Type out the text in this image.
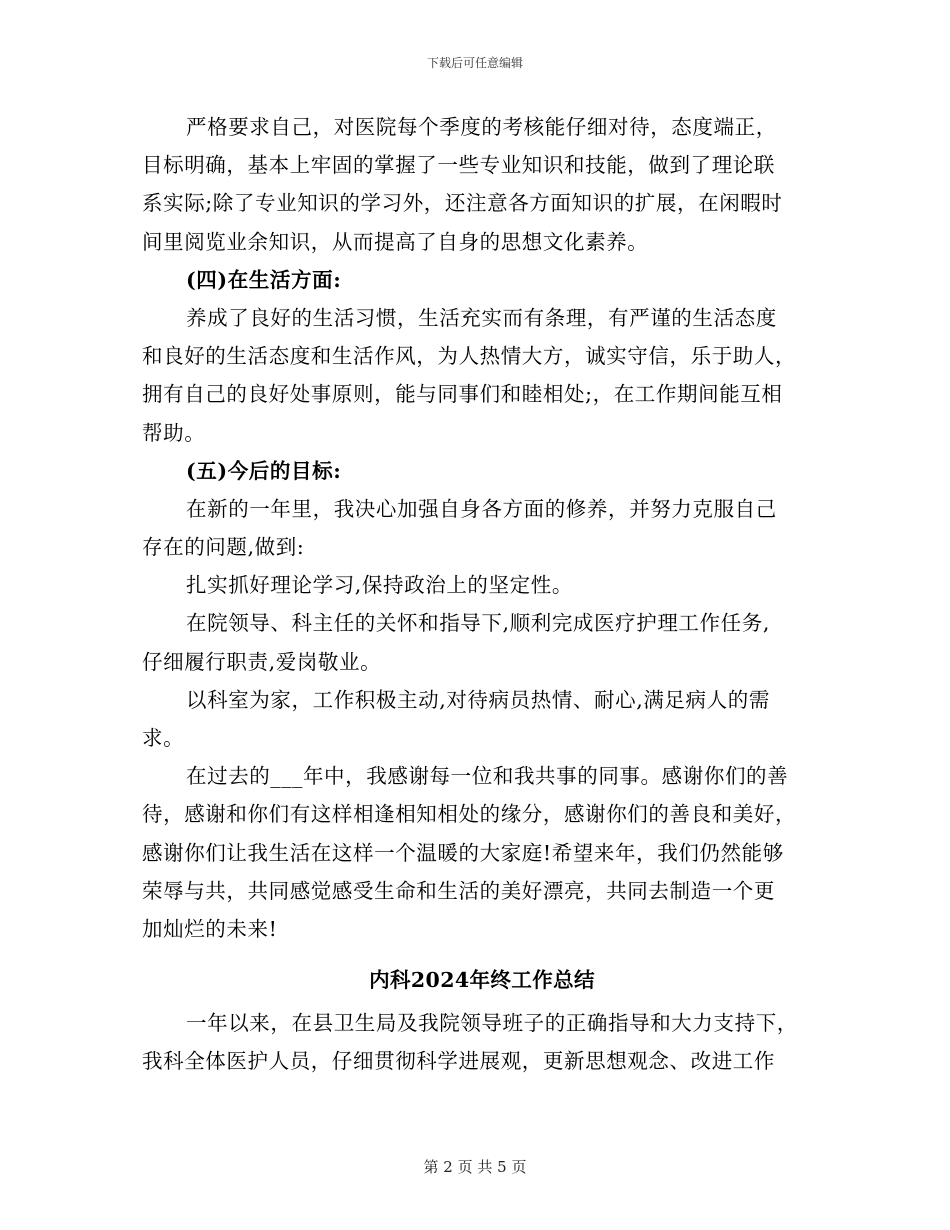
下载后可任意编辑
严格要求自己，对医院每个季度的考核能仔细对待，态度端正，
目标明确，基本上牢固的掌握了一些专业知识和技能，做到了理论联
系实际;除了专业知识的学习外，还注意各方面知识的扩展，在闲暇时
间里阅览业余知识，从而提高了自身的思想文化素养。
(四)在生活方面:
养成了良好的生活习惯，生活充实而有条理，有严谨的生活态度
和良好的生活态度和生活作风，为人热情大方，诚实守信，乐于助人，
拥有自己的良好处事原则，能与同事们和睦相处;，在工作期间能互相
帮助。
(五)今后的目标:
在新的一年里，我决心加强自身各方面的修养，并努力克服自己
存在的问题,做到:
扎实抓好理论学习,保持政治上的坚定性。
在院领导、科主任的关怀和指导下,顺利完成医疗护理工作任务,
仔细履行职责,爱岗敬业。
以科室为家，工作积极主动,对待病员热情、耐心,满足病人的需
求。
在过去的___年中，我感谢每一位和我共事的同事。感谢你们的善
待，感谢和你们有这样相逢相知相处的缘分，感谢你们的善良和美好，
感谢你们让我生活在这样一个温暖的大家庭!希望来年，我们仍然能够
荣辱与共，共同感觉感受生命和生活的美好漂亮，共同去制造一个更
加灿烂的未来!
内科2024年终工作总结
一年以来，在县卫生局及我院领导班子的正确指导和大力支持下，
我科全体医护人员，仔细贯彻科学进展观，更新思想观念、改进工作
第 2 页 共 5 页
